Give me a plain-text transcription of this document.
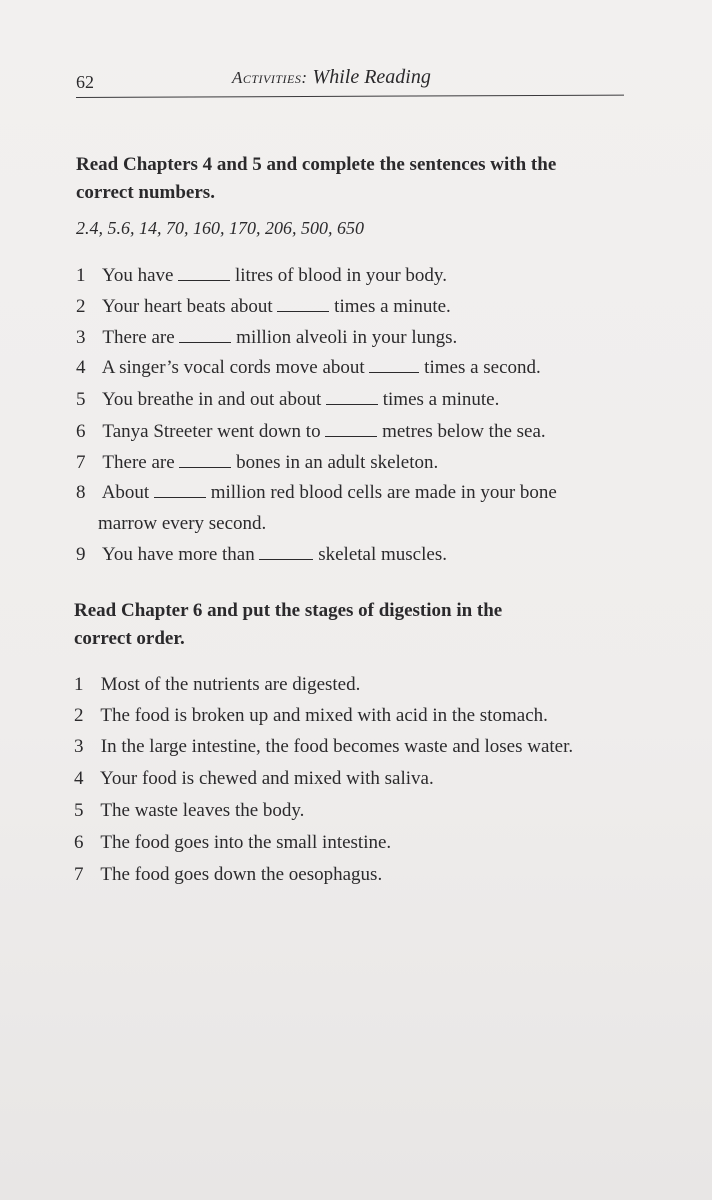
62	Activities: While Reading
Read Chapters 4 and 5 and complete the sentences with the
correct numbers.
2.4, 5.6, 14, 70, 160, 170, 206, 500, 650
1 You have	litres of blood in your body.
2 Your heart beats about	times a minute.
3 There are	million alveoli in your lungs.
4 A singer’s vocal cords move about	times a second.
5 You breathe in and out about	times a minute.
6 Tanya Streeter went down to	metres below the sea.
7 There are	bones in an adult skeleton.
8 About	million red blood cells are made in your bone
marrow every second.
9 You have more than	skeletal muscles.
Read Chapter 6 and put the stages of digestion in the
correct order.
1 Most of the nutrients are digested.
2 The food is broken up and mixed with acid in the stomach.
3 In the large intestine, the food becomes waste and loses water.
4 Your food is chewed and mixed with saliva.
5 The waste leaves the body.
6 The food goes into the small intestine.
7 The food goes down the oesophagus.
